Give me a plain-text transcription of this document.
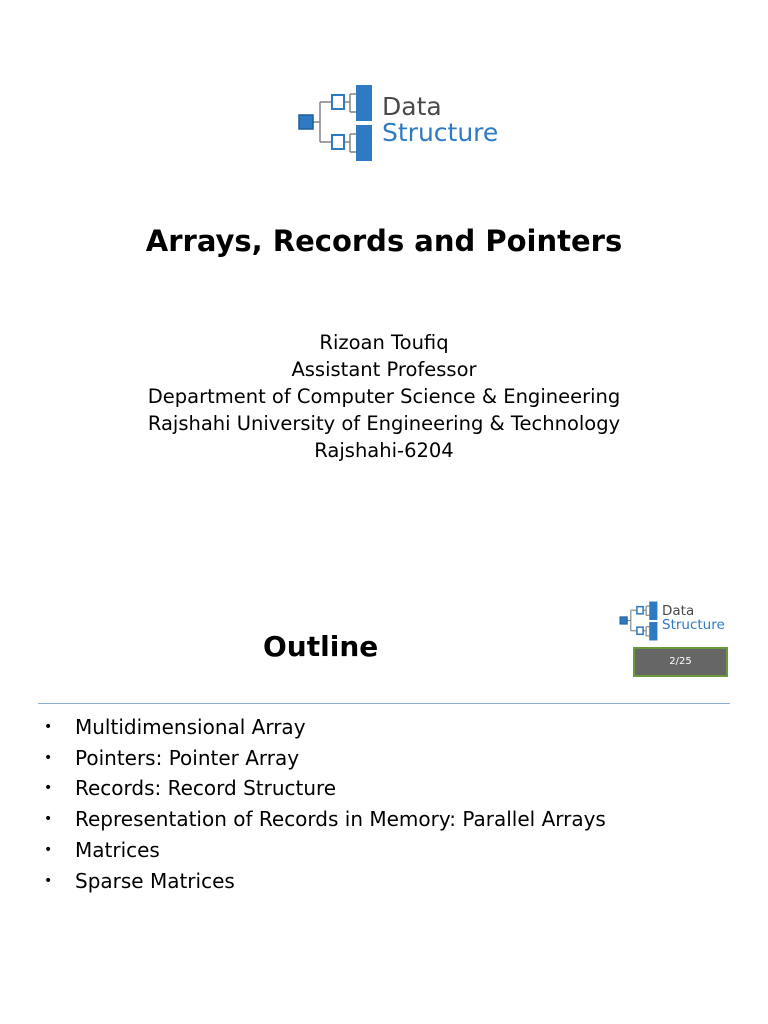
Data
Structure
Arrays, Records and Pointers
Rizoan Toufiq
Assistant Professor
Department of Computer Science & Engineering
Rajshahi University of Engineering & Technology
Rajshahi-6204
Data
Structure
2/25
Outline
• Multidimensional Array
• Pointers: Pointer Array
• Records: Record Structure
• Representation of Records in Memory: Parallel Arrays
• Matrices
• Sparse Matrices
